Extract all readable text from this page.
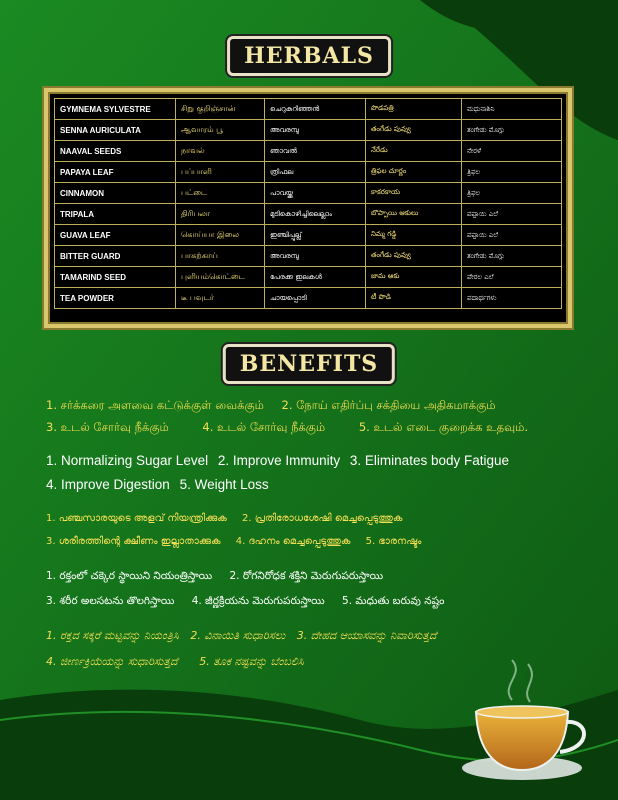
HERBALS
GYMNEMA SYLVESTRE	சிறு குறிஞ்சான்	ചെറുകുറിഞ്ഞൻ	పొడపత్రి	ಮಧುನಾಶಿನಿ
SENNA AURICULATA	ஆவாரம் பூ	അവരമ്പു	తంగేడు పువ్వు	ತಂಗೇಡು ಮೊಗ್ಗು
NAAVAL SEEDS	நாவல்	ഞാവൽ	నేరేడు	ನೇರಳೆ
PAPAYA LEAF	பப்பாளி	ത്രിഫല	త్రిఫల చూర్ణం	ತ್ರಿಫಲ
CINNAMON	பட்டை	പാവയ്ക്ക	కాకరకాయ	ತ್ರಿಫಲ
TRIPALA	திரிபலா	മുടികൊഴിച്ചിലെല്ലാം	బొప్పాయి ఆకులు	ಪಪ್ಪಾಯಿ ಎಲೆ
GUAVA LEAF	கொய்யா இலை	ഇഞ്ചിപ്പുല്ല്	నిమ్మ గడ్డి	ಪಪ್ಪಾಯಿ ಎಲೆ
BITTER GUARD	பாகற்காய்	അവരമ്പു	తంగేడు పువ్వు	ತಂಗೇಡು ಮೊಗ್ಗು
TAMARIND SEED	புளியம்கொட்டை	പേരക്ക ഇലകൾ	జామ ఆకు	ಪೇರಲ ಎಲೆ
TEA POWDER	டீ பவுடர்	ചായപ്പൊടി	టీ పొడి	ಪದಾರ್ಥಗಳು
BENEFITS
1. சர்க்கரை அளவை கட்டுக்குள் வைக்கும் 2. நோய் எதிர்ப்பு சக்தியை அதிகமாக்கும்
3. உடல் சோர்வு நீக்கும்	4. உடல் சோர்வு நீக்கும்	5. உடல் எடை குறைக்க உதவும்.
1. Normalizing Sugar Level 2. Improve Immunity 3. Eliminates body Fatigue
4. Improve Digestion 5. Weight Loss
1. പഞ്ചസാരയുടെ അളവ് നിയന്ത്രിക്കുക 2. പ്രതിരോധശേഷി മെച്ചപ്പെടുത്തുക
3. ശരീരത്തിന്റെ ക്ഷീണം ഇല്ലാതാക്കുക 4. ദഹനം മെച്ചപ്പെടുത്തുക 5. ഭാരനഷ്ടം
1. రక్తంలో చక్కెర స్థాయిని నియంత్రిస్తాయి 2. రోగనిరోధక శక్తిని మెరుగుపరుస్తాయి
3. శరీర అలసటను తొలగిస్తాయి 4. జీర్ణక్రియను మెరుగుపరుస్తాయి 5. మధుతు బరువు నష్టం
1. ರಕ್ತದ ಸಕ್ಕರೆ ಮಟ್ಟವನ್ನು ನಿಯಂತ್ರಿಸಿ 2. ವಿನಾಯಿತಿ ಸುಧಾರಿಸಲು 3. ದೇಹದ ಆಯಾಸವನ್ನು ನಿವಾರಿಸುತ್ತದೆ
4. ಜೀರ್ಣಕ್ರಿಯೆಯನ್ನು ಸುಧಾರಿಸುತ್ತದೆ 5. ತೂಕ ನಷ್ಟವನ್ನು ಬೆಂಬಲಿಸಿ
